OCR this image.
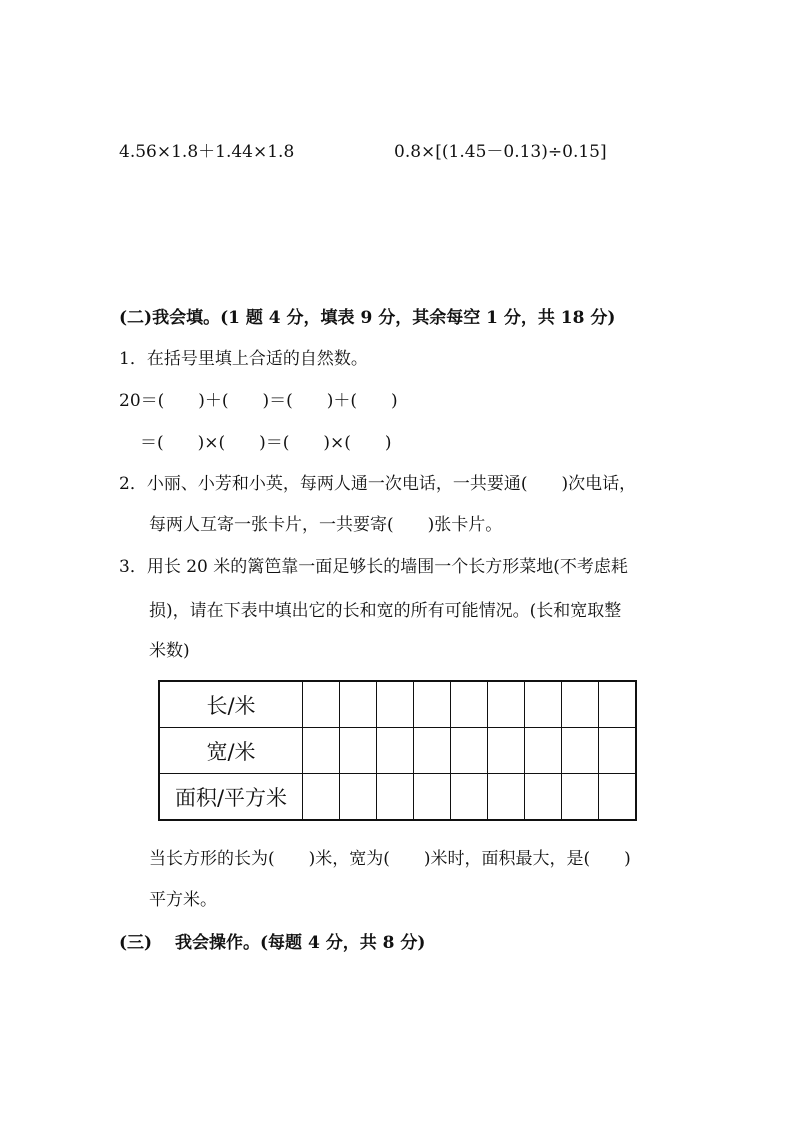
4.56×1.8＋1.44×1.8	0.8×[(1.45－0.13)÷0.15]
(二)我会填。(1 题 4 分，填表 9 分，其余每空 1 分，共 18 分)
1．在括号里填上合适的自然数。
20＝(　　)＋(　　)＝(　　)＋(　　)
＝(　　)×(　　)＝(　　)×(　　)
2．小丽、小芳和小英，每两人通一次电话，一共要通(　　)次电话，
每两人互寄一张卡片，一共要寄(　　)张卡片。
3．用长 20 米的篱笆靠一面足够长的墙围一个长方形菜地(不考虑耗
损)，请在下表中填出它的长和宽的所有可能情况。(长和宽取整
米数)
长/米									
宽/米									
面积/平方米									
当长方形的长为(　　)米，宽为(　　)米时，面积最大，是(　　)
平方米。
(三)　 我会操作。(每题 4 分，共 8 分)
